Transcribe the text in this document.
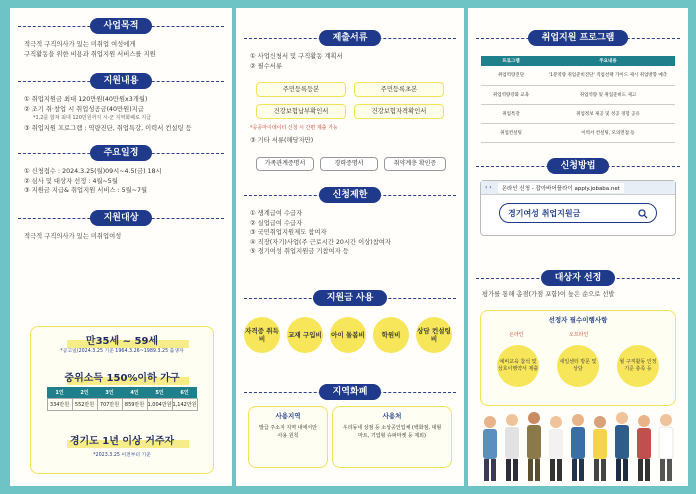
사업목적
적극적 구직의사가 있는 미취업 여성에게
구직활동을 위한 비용과 취업지원 서비스를 지원
지원내용
① 취업지원금 최대 120만원(40만원x3개월)
② 조기 취·창업 시 취업성공금(40만원)지급
*1,2를 합쳐 최대 120만원까지 시·군 지역화폐로 지급
③ 취업지원 프로그램 : 역량진단, 취업특강, 이력서 컨설팅 등
주요일정
① 신청접수 : 2024.3.25(월)09시~4.5(금) 18시
② 심사 및 대상자 선정 : 4월~5월
③ 지원금 지급& 취업지원 서비스 : 5월~7월
지원대상
적극적 구직의사가 있는 미취업여성
만35세 ~ 59세
*공고일(2024.3.25 기준 1964.3.26~1989.3.25 출생자
중위소득 150%이하 가구
1인	2인	3인	4인	5인	6인
334만원	552만원	707만원	859만원	1,004만원	1,142만원
경기도 1년 이상 거주자
*2023.3.25 이전부터 기준
제출서류
① 사업신청서 및 구직활동 계획서
② 필수서류
주민등록등본	주민등록초본
건강보험납부확인서	건강보험자격확인서
*공공마이데이터 신청 시 간편 제출 가능
③ 기타 서류(해당자만)
가족관계증명서	경력증명서	취약계층 확인증
신청제한
① 생계급여 수급자
② 실업급여 수급자
③ 국민취업지원제도 참여자
④ 직장(자기)사업(주 근로시간 20시간 이상)참여자
⑤ 경기여성 취업지원금 기참여자 등
지원금 사용
자격증 취득비	교재 구입비 아이 돌봄비	학원비	상담 컨설팅비
지역화폐
사용지역
발급 주소지 지역 내에서만 사용 원칙
사용처
우리동네 상점 등 소상공인업체 (백화점, 대형마트, 기업형 슈퍼마켓 등 제외)
취업지원 프로그램
프로그램	주요내용
취업역량진단	'1분역량 취업준비진단' 직업선택 가이드 제시 취업방향 예측
취업역량강화 교육	취업역량 및 취업준비도 제고
취업특강	취업정보 제공 및 성공 경험 공유
취업컨설팅	이력서 컨설팅, 모의면접 등
신청방법
‹ ›	온라인 신청 - 잡아바어플라이 apply.jobaba.net
경기여성 취업지원금
대상자 선정
평가를 통해 총점(가점 포함)이 높은 순으로 선발
선정자 필수이행사항
온라인	오프라인
예비교육 참석 및 상호이행약서 제출
새일센터 방문 및 상담
월 구직활동 인정 기준 충족 등
